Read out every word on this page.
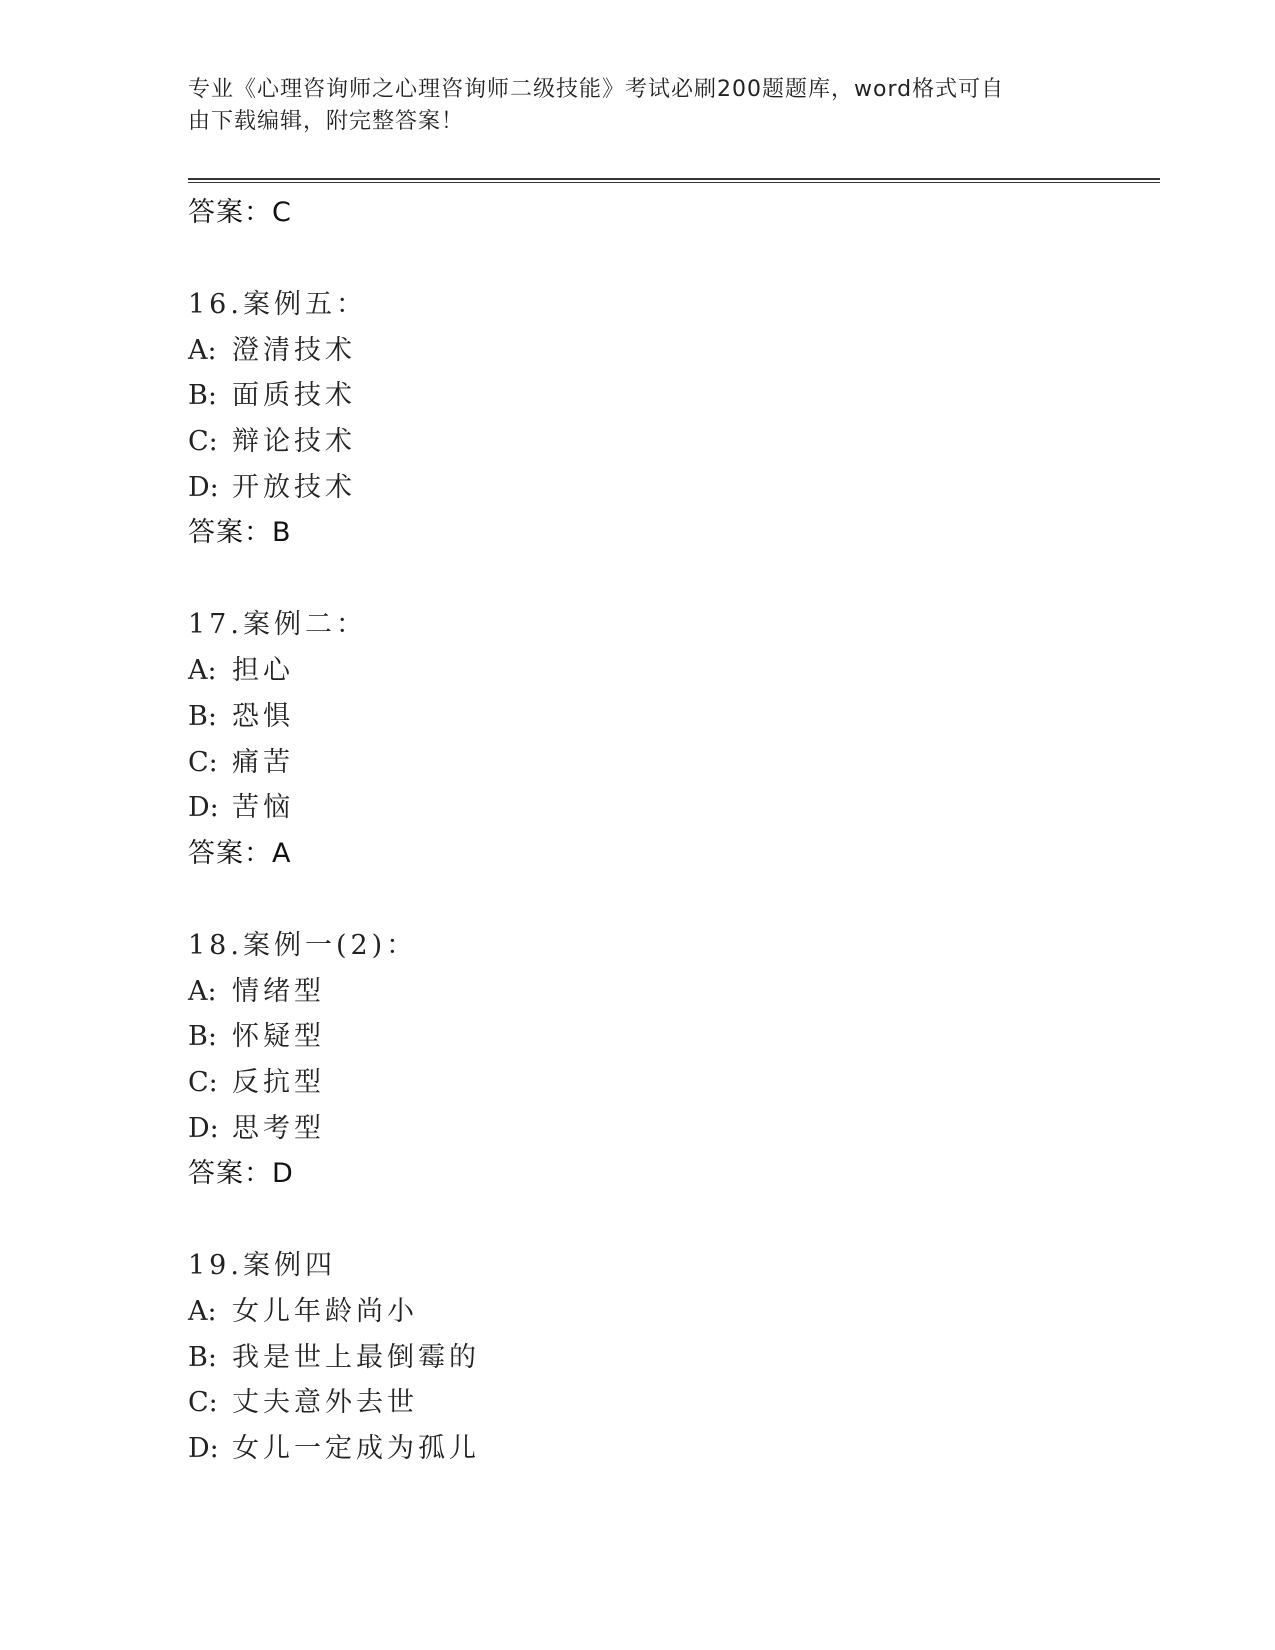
专业《心理咨询师之心理咨询师二级技能》考试必刷200题题库，word格式可自
由下载编辑，附完整答案！
答案：C
16.案例五：
A: 澄清技术
B: 面质技术
C: 辩论技术
D: 开放技术
答案：B
17.案例二：
A: 担心
B: 恐惧
C: 痛苦
D: 苦恼
答案：A
18.案例一(2)：
A: 情绪型
B: 怀疑型
C: 反抗型
D: 思考型
答案：D
19.案例四
A: 女儿年龄尚小
B: 我是世上最倒霉的
C: 丈夫意外去世
D: 女儿一定成为孤儿
